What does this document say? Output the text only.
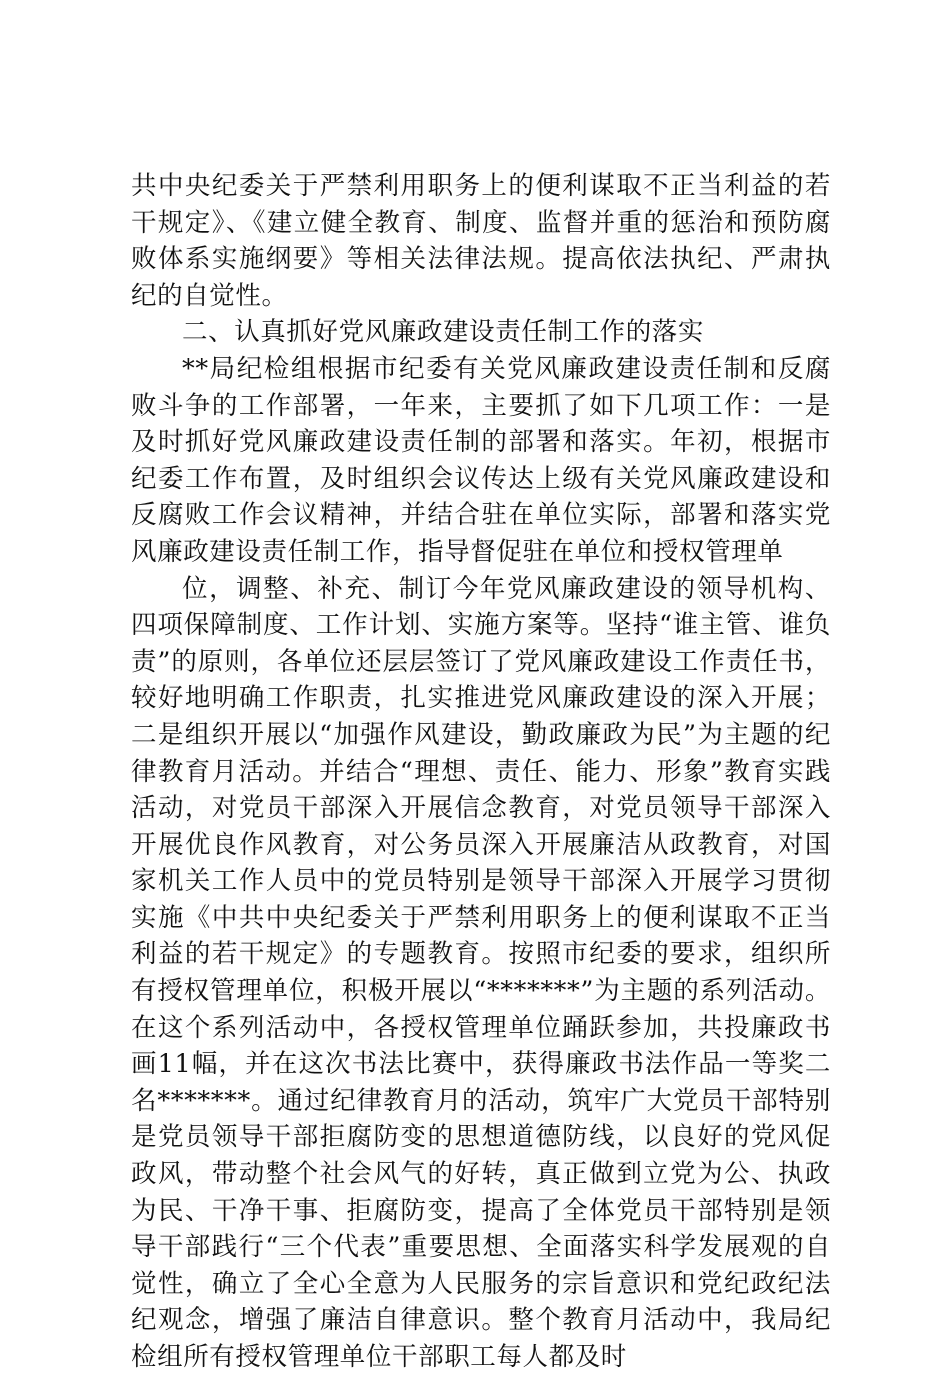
共中央纪委关于严禁利用职务上的便利谋取不正当利益的若干规定》、《建立健全教育、制度、监督并重的惩治和预防腐败体系实施纲要》等相关法律法规。提高依法执纪、严肃执纪的自觉性。

二、认真抓好党风廉政建设责任制工作的落实

**局纪检组根据市纪委有关党风廉政建设责任制和反腐败斗争的工作部署，一年来，主要抓了如下几项工作：一是及时抓好党风廉政建设责任制的部署和落实。年初，根据市纪委工作布置，及时组织会议传达上级有关党风廉政建设和反腐败工作会议精神，并结合驻在单位实际，部署和落实党风廉政建设责任制工作，指导督促驻在单位和授权管理单

位，调整、补充、制订今年党风廉政建设的领导机构、四项保障制度、工作计划、实施方案等。坚持“谁主管、谁负责”的原则，各单位还层层签订了党风廉政建设工作责任书，较好地明确工作职责，扎实推进党风廉政建设的深入开展；二是组织开展以“加强作风建设，勤政廉政为民”为主题的纪律教育月活动。并结合“理想、责任、能力、形象”教育实践活动，对党员干部深入开展信念教育，对党员领导干部深入开展优良作风教育，对公务员深入开展廉洁从政教育，对国家机关工作人员中的党员特别是领导干部深入开展学习贯彻实施《中共中央纪委关于严禁利用职务上的便利谋取不正当利益的若干规定》的专题教育。按照市纪委的要求，组织所有授权管理单位，积极开展以“*******”为主题的系列活动。在这个系列活动中，各授权管理单位踊跃参加，共投廉政书画11幅，并在这次书法比赛中，获得廉政书法作品一等奖二名*******。通过纪律教育月的活动，筑牢广大党员干部特别是党员领导干部拒腐防变的思想道德防线，以良好的党风促政风，带动整个社会风气的好转，真正做到立党为公、执政为民、干净干事、拒腐防变，提高了全体党员干部特别是领导干部践行“三个代表”重要思想、全面落实科学发展观的自觉性，确立了全心全意为人民服务的宗旨意识和党纪政纪法纪观念，增强了廉洁自律意识。整个教育月活动中，我局纪检组所有授权管理单位干部职工每人都及时
